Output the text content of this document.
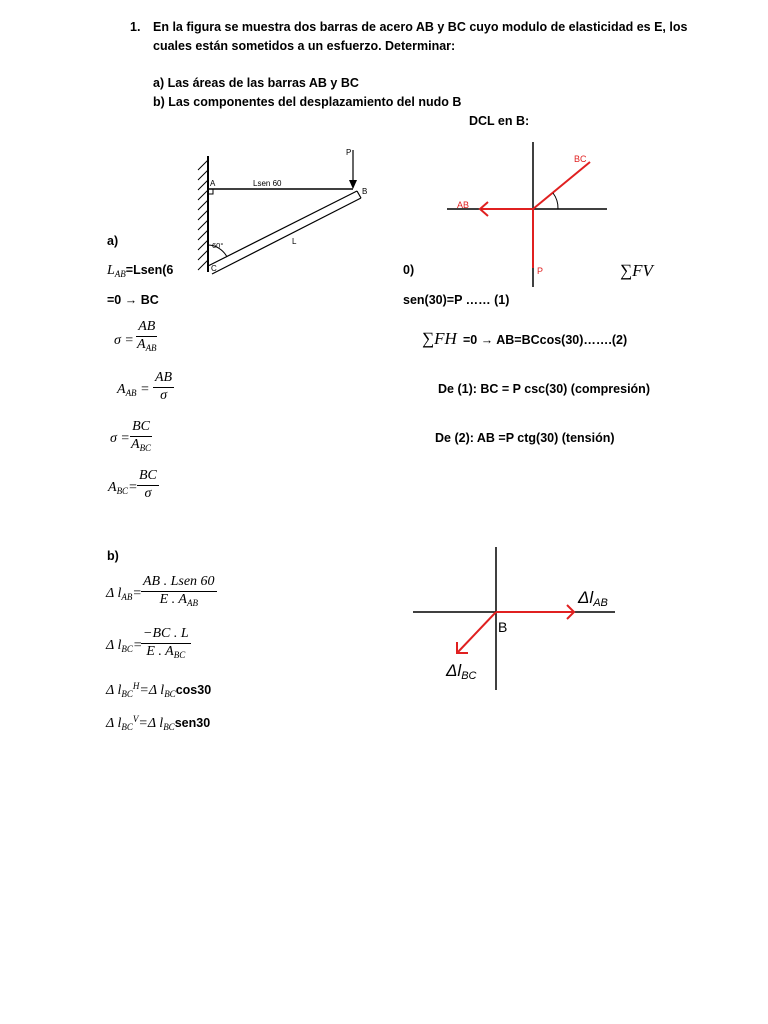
1. En la figura se muestra dos barras de acero AB y BC cuyo modulo de elasticidad es E, los
cuales están sometidos a un esfuerzo. Determinar:
a) Las áreas de las barras AB y BC
b) Las componentes del desplazamiento del nudo B
DCL en B:
A
B
C
P
Lsen 60
L
60°
BC
AB
P
a)
$L_{AB}=Lsen(6$	0)	∑FV
=0 → BC	sen(30)=P …… (1)
∑FH =0 → AB=BCcos(30)…….(2)
σ =
AB
$A_{AB}$
$A_{AB} = \frac{AB}{\sigma}$	De (1): BC = P csc(30) (compresión)
De (2): AB =P ctg(30) (tensión)
σ =
BC
$A_{BC}$
$A_{BC}= \frac{BC}{\sigma}$
b)
Δ $l_{AB}=$
AB . Lsen 60
E . $A_{AB}$
Δ $l_{BC}=$
−BC . L
E . $A_{BC}$
Δ $l_{BC}^H=\Delta$ $l_{BC}\cos 30$
Δ $l_{BC}^V=\Delta$ $l_{BC}sen30$
B
ΔlAB
ΔlBC
